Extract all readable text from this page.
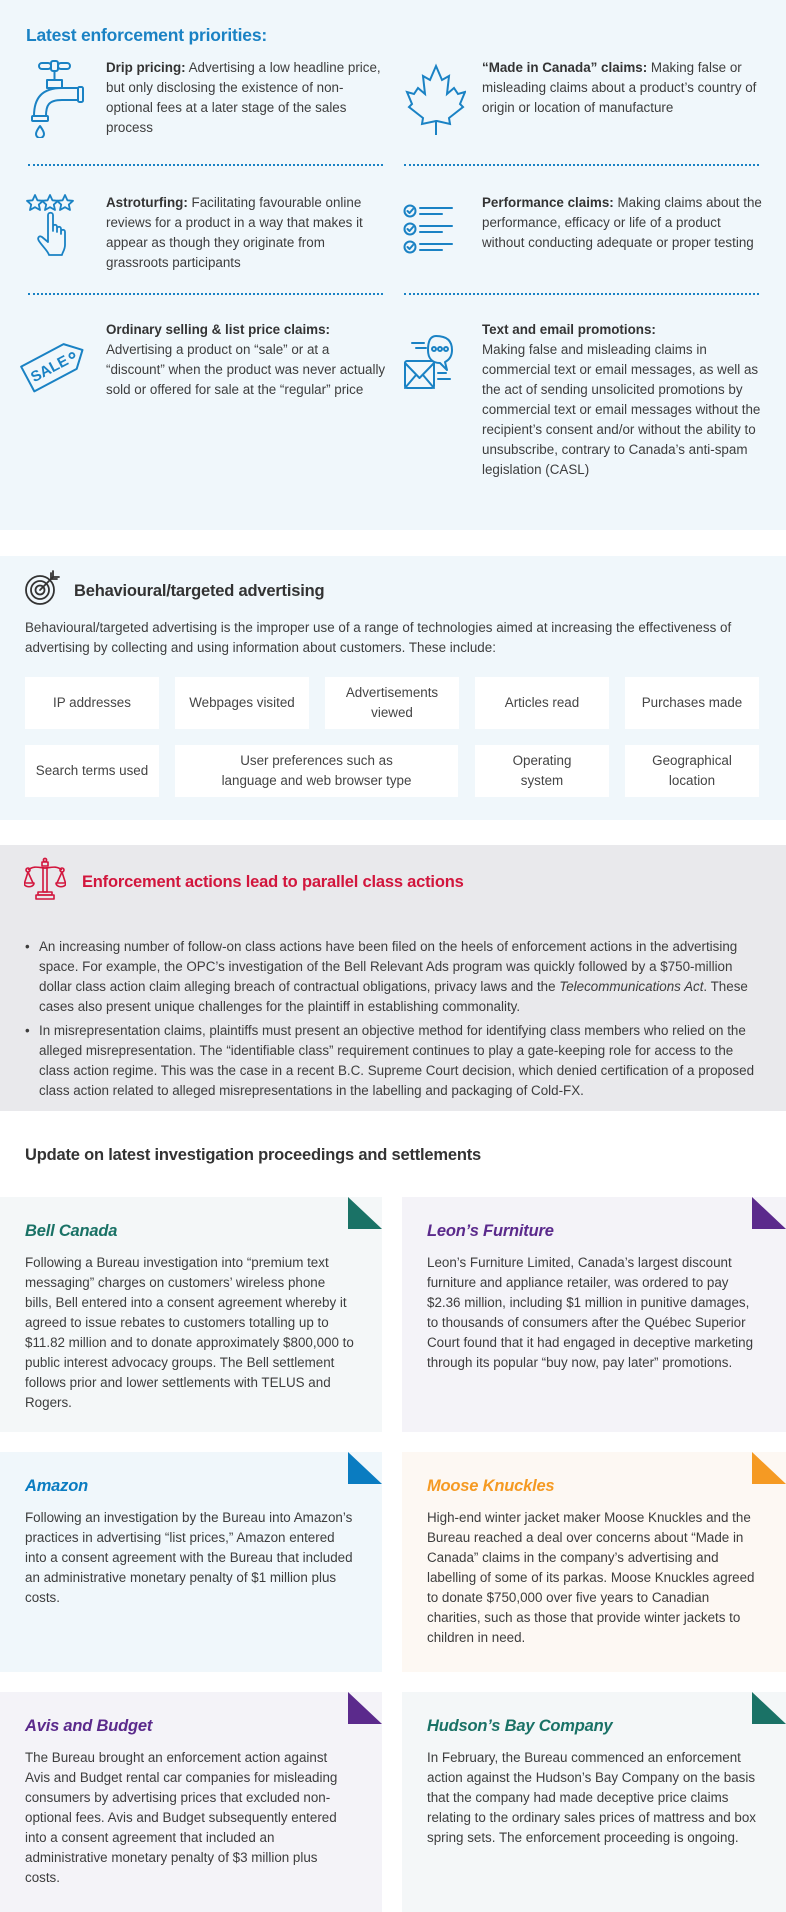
Latest enforcement priorities:
Drip pricing: Advertising a low headline price, but only disclosing the existence of non-optional fees at a later stage of the sales process
“Made in Canada” claims: Making false or misleading claims about a product’s country of origin or location of manufacture
Astroturfing: Facilitating favourable online reviews for a product in a way that makes it appear as though they originate from grassroots participants
Performance claims: Making claims about the performance, efficacy or life of a product without conducting adequate or proper testing
SALE
Ordinary selling & list price claims:
Advertising a product on “sale” or at a “discount” when the product was never actually sold or offered for sale at the “regular” price
Text and email promotions:
Making false and misleading claims in commercial text or email messages, as well as the act of sending unsolicited promotions by commercial text or email messages without the recipient’s consent and/or without the ability to unsubscribe, contrary to Canada’s anti-spam legislation (CASL)
Behavioural/targeted advertising

Behavioural/targeted advertising is the improper use of a range of technologies aimed at increasing the effectiveness of advertising by collecting and using information about customers. These include:

IP addresses	Webpages visited
Advertisements viewed
Articles read	Purchases made
Search terms used
User preferences such as language and web browser type
Operating system
Geographical location
Enforcement actions lead to parallel class actions
• An increasing number of follow-on class actions have been filed on the heels of enforcement actions in the advertising space. For example, the OPC’s investigation of the Bell Relevant Ads program was quickly followed by a $750-million dollar class action claim alleging breach of contractual obligations, privacy laws and the Telecommunications Act. These cases also present unique challenges for the plaintiff in establishing commonality.
• In misrepresentation claims, plaintiffs must present an objective method for identifying class members who relied on the alleged misrepresentation. The “identifiable class” requirement continues to play a gate-keeping role for access to the class action regime. This was the case in a recent B.C. Supreme Court decision, which denied certification of a proposed class action related to alleged misrepresentations in the labelling and packaging of Cold-FX.
Update on latest investigation proceedings and settlements
Bell Canada

Following a Bureau investigation into “premium text messaging” charges on customers’ wireless phone bills, Bell entered into a consent agreement whereby it agreed to issue rebates to customers totalling up to $11.82 million and to donate approximately $800,000 to public interest advocacy groups. The Bell settlement follows prior and lower settlements with TELUS and Rogers.

Leon’s Furniture

Leon’s Furniture Limited, Canada’s largest discount furniture and appliance retailer, was ordered to pay $2.36 million, including $1 million in punitive damages, to thousands of consumers after the Québec Superior Court found that it had engaged in deceptive marketing through its popular “buy now, pay later” promotions.

Amazon

Following an investigation by the Bureau into Amazon’s practices in advertising “list prices,” Amazon entered into a consent agreement with the Bureau that included an administrative monetary penalty of $1 million plus costs.

Moose Knuckles

High-end winter jacket maker Moose Knuckles and the Bureau reached a deal over concerns about “Made in Canada” claims in the company’s advertising and labelling of some of its parkas. Moose Knuckles agreed to donate $750,000 over five years to Canadian charities, such as those that provide winter jackets to children in need.

Avis and Budget

The Bureau brought an enforcement action against Avis and Budget rental car companies for misleading consumers by advertising prices that excluded non-optional fees. Avis and Budget subsequently entered into a consent agreement that included an administrative monetary penalty of $3 million plus costs.

Hudson’s Bay Company

In February, the Bureau commenced an enforcement action against the Hudson’s Bay Company on the basis that the company had made deceptive price claims relating to the ordinary sales prices of mattress and box spring sets. The enforcement proceeding is ongoing.
